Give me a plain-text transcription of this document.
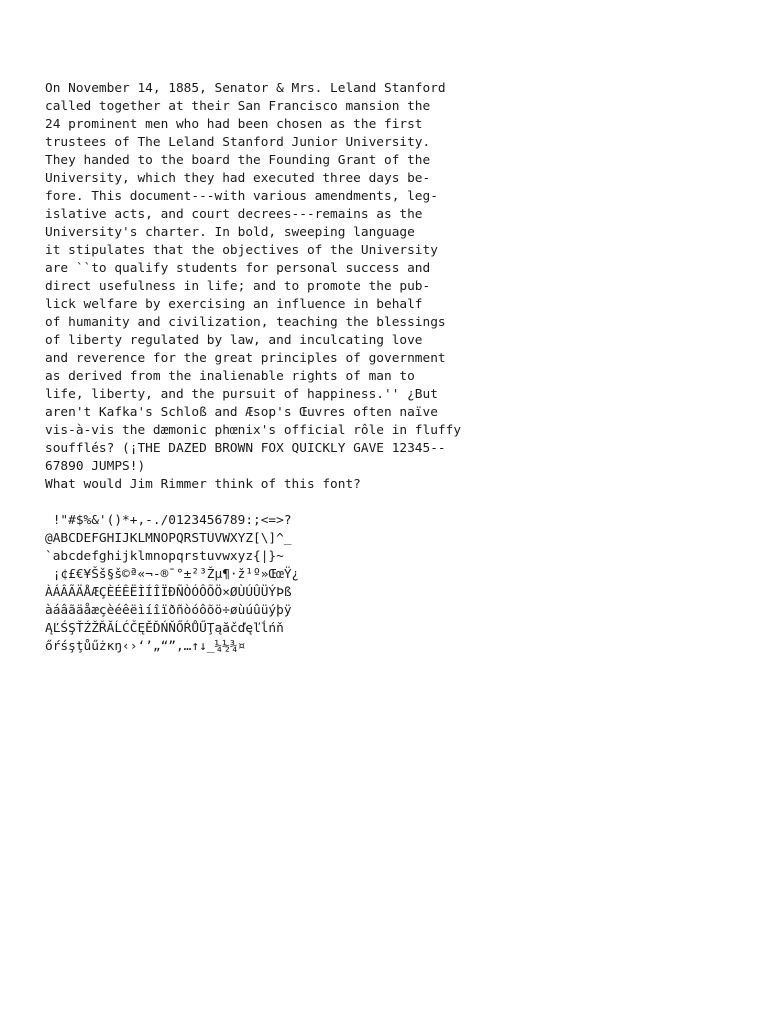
On November 14, 1885, Senator & Mrs. Leland Stanford
called together at their San Francisco mansion the
24 prominent men who had been chosen as the first
trustees of The Leland Stanford Junior University.
They handed to the board the Founding Grant of the
University, which they had executed three days be-
fore. This document---with various amendments, leg-
islative acts, and court decrees---remains as the
University's charter. In bold, sweeping language
it stipulates that the objectives of the University
are ``to qualify students for personal success and
direct usefulness in life; and to promote the pub-
lick welfare by exercising an influence in behalf
of humanity and civilization, teaching the blessings
of liberty regulated by law, and inculcating love
and reverence for the great principles of government
as derived from the inalienable rights of man to
life, liberty, and the pursuit of happiness.'' ¿But
aren't Kafka's Schloß and Æsop's Œuvres often naïve
vis-à-vis the dæmonic phœnix's official rôle in fluffy
soufflés? (¡THE DAZED BROWN FOX QUICKLY GAVE 12345--
67890 JUMPS!)
What would Jim Rimmer think of this font?
!"#$%&'()*+,-./0123456789:;<=>?
@ABCDEFGHIJKLMNOPQRSTUVWXYZ[\]^_
`abcdefghijklmnopqrstuvwxyz{|}~
¡¢£€¥Šš§š©ª«¬-®¯°±²³Žµ¶·ž¹º»ŒœŸ¿
ÀÁÂÃÄÅÆÇÈÉÊËÌÍÎÏÐÑÒÓÔÕÖ×ØÙÚÛÜÝÞß
àáâãäåæçèéêëìíîïðñòóôõö÷øùúûüýþÿ
ĄĽŚŞŤŹŽŘĂĹĆČĘĚĎŃŇŐŔŮŰŢąăčďęľĺńň
őŕśşţůűżĸŋ‹›‘’„“”‚…↑↓_¼½¾¤
